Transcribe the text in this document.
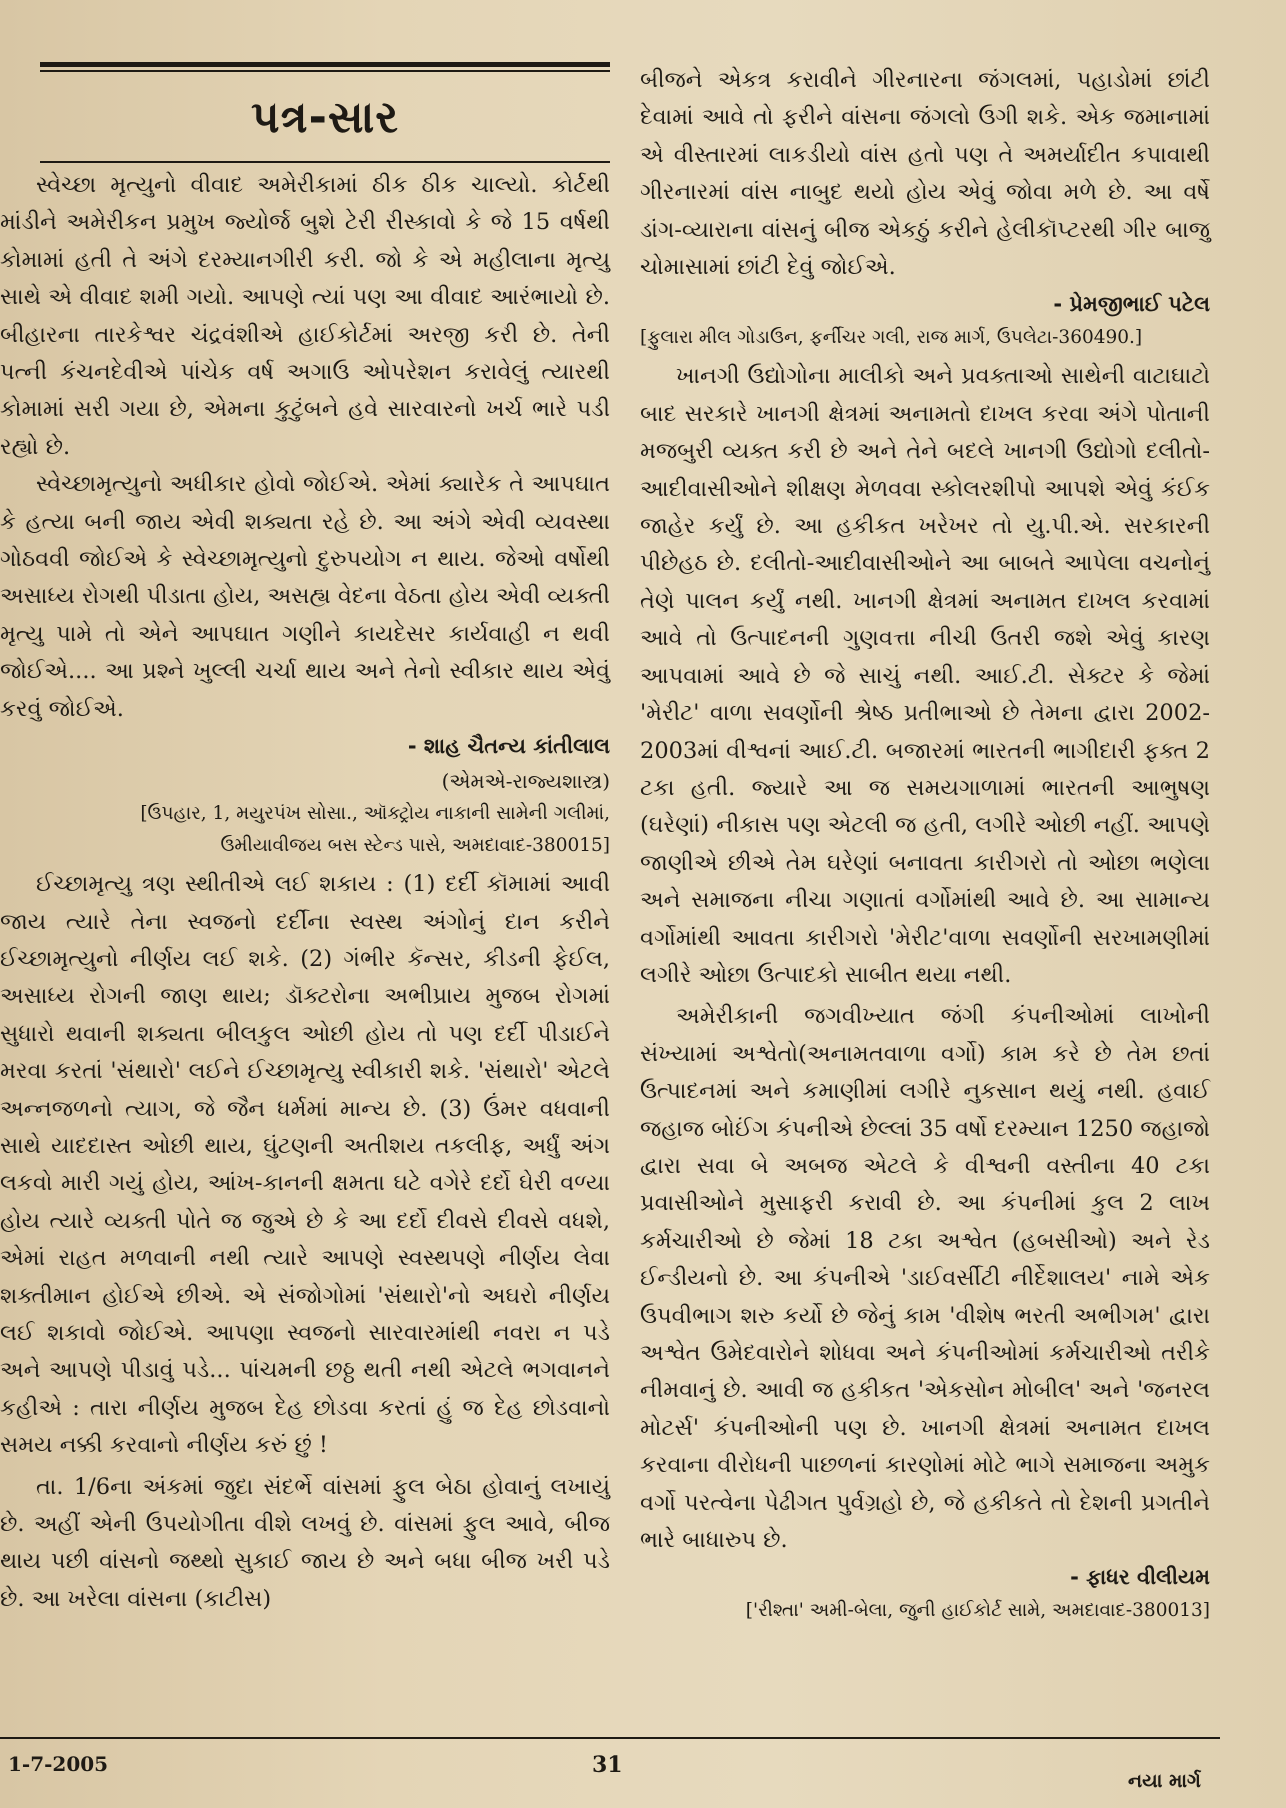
પત્ર-સાર

સ્વેચ્છા મૃત્યુનો વીવાદ અમેરીકામાં ઠીક ઠીક ચાલ્યો. કોર્ટથી માંડીને અમેરીકન પ્રમુખ જ્યોર્જ બુશે ટેરી રીસ્કાવો કે જે 15 વર્ષથી કોમામાં હતી તે અંગે દરમ્યાનગીરી કરી. જો કે એ મહીલાના મૃત્યુ સાથે એ વીવાદ શમી ગયો. આપણે ત્યાં પણ આ વીવાદ આરંભાયો છે. બીહારના તારકેશ્વર ચંદ્રવંશીએ હાઈકોર્ટમાં અરજી કરી છે. તેની પત્ની કંચનદેવીએ પાંચેક વર્ષ અગાઉ ઓપરેશન કરાવેલું ત્યારથી કોમામાં સરી ગયા છે, એમના કુટુંબને હવે સારવારનો ખર્ચ ભારે પડી રહ્યો છે.

સ્વેચ્છામૃત્યુનો અધીકાર હોવો જોઈએ. એમાં ક્યારેક તે આપઘાત કે હત્યા બની જાય એવી શક્યતા રહે છે. આ અંગે એવી વ્યવસ્થા ગોઠવવી જોઈએ કે સ્વેચ્છામૃત્યુનો દુરુપયોગ ન થાય. જેઓ વર્ષોથી અસાધ્ય રોગથી પીડાતા હોય, અસહ્ય વેદના વેઠતા હોય એવી વ્યક્તી મૃત્યુ પામે તો એને આપઘાત ગણીને કાયદેસર કાર્યવાહી ન થવી જોઈએ.... આ પ્રશ્ને ખુલ્લી ચર્ચા થાય અને તેનો સ્વીકાર થાય એવું કરવું જોઈએ.

- શાહ ચૈતન્ય કાંતીલાલ

(એમએ-રાજ્યશાસ્ત્ર)

[ઉપહાર, 1, મયુરપંખ સોસા., ઑક્ટ્રોય નાકાની સામેની ગલીમાં,

ઉમીયાવીજય બસ સ્ટેન્ડ પાસે, અમદાવાદ-380015]

ઈચ્છામૃત્યુ ત્રણ સ્થીતીએ લઈ શકાય : (1) દર્દી કૉમામાં આવી જાય ત્યારે તેના સ્વજનો દર્દીના સ્વસ્થ અંગોનું દાન કરીને ઈચ્છામૃત્યુનો નીર્ણય લઈ શકે. (2) ગંભીર કૅન્સર, કીડની ફેઈલ, અસાધ્ય રોગની જાણ થાય; ડૉક્ટરોના અભીપ્રાય મુજબ રોગમાં સુધારો થવાની શક્યતા બીલકુલ ઓછી હોય તો પણ દર્દી પીડાઈને મરવા કરતાં 'સંથારો' લઈને ઈચ્છામૃત્યુ સ્વીકારી શકે. 'સંથારો' એટલે અન્નજળનો ત્યાગ, જે જૈન ધર્મમાં માન્ય છે. (3) ઉંમર વધવાની સાથે યાદદાસ્ત ઓછી થાય, ઘુંટણની અતીશય તકલીફ, અર્ધું અંગ લકવો મારી ગયું હોય, આંખ-કાનની ક્ષમતા ઘટે વગેરે દર્દો ઘેરી વળ્યા હોય ત્યારે વ્યક્તી પોતે જ જુએ છે કે આ દર્દો દીવસે દીવસે વધશે, એમાં રાહત મળવાની નથી ત્યારે આપણે સ્વસ્થપણે નીર્ણય લેવા શક્તીમાન હોઈએ છીએ. એ સંજોગોમાં 'સંથારો'નો અઘરો નીર્ણય લઈ શકાવો જોઈએ. આપણા સ્વજનો સારવારમાંથી નવરા ન પડે અને આપણે પીડાવું પડે... પાંચમની છઠ્ઠ થતી નથી એટલે ભગવાનને કહીએ : તારા નીર્ણય મુજબ દેહ છોડવા કરતાં હું જ દેહ છોડવાનો સમય નક્કી કરવાનો નીર્ણય કરું છું !

તા. 1/6ના અંકમાં જુદા સંદર્ભે વાંસમાં ફુલ બેઠા હોવાનું લખાયું છે. અહીં એની ઉપયોગીતા વીશે લખવું છે. વાંસમાં ફુલ આવે, બીજ થાય પછી વાંસનો જથ્થો સુકાઈ જાય છે અને બધા બીજ ખરી પડે છે. આ ખરેલા વાંસના (કાટીસ)

બીજને એકત્ર કરાવીને ગીરનારના જંગલમાં, પહાડોમાં છાંટી દેવામાં આવે તો ફરીને વાંસના જંગલો ઉગી શકે. એક જમાનામાં એ વીસ્તારમાં લાકડીયો વાંસ હતો પણ તે અમર્યાદીત કપાવાથી ગીરનારમાં વાંસ નાબુદ થયો હોય એવું જોવા મળે છે. આ વર્ષે ડાંગ-વ્યારાના વાંસનું બીજ એકઠું કરીને હેલીકૉપ્ટરથી ગીર બાજુ ચોમાસામાં છાંટી દેવું જોઈએ.

- પ્રેમજીભાઈ પટેલ

[ફુલારા મીલ ગોડાઉન, ફર્નીચર ગલી, રાજ માર્ગ, ઉપલેટા-360490.]

ખાનગી ઉદ્યોગોના માલીકો અને પ્રવક્તાઓ સાથેની વાટાઘાટો બાદ સરકારે ખાનગી ક્ષેત્રમાં અનામતો દાખલ કરવા અંગે પોતાની મજબુરી વ્યક્ત કરી છે અને તેને બદલે ખાનગી ઉદ્યોગો દલીતો-આદીવાસીઓને શીક્ષણ મેળવવા સ્કોલરશીપો આપશે એવું કંઈક જાહેર કર્યું છે. આ હકીકત ખરેખર તો યુ.પી.એ. સરકારની પીછેહઠ છે. દલીતો-આદીવાસીઓને આ બાબતે આપેલા વચનોનું તેણે પાલન કર્યું નથી. ખાનગી ક્ષેત્રમાં અનામત દાખલ કરવામાં આવે તો ઉત્પાદનની ગુણવત્તા નીચી ઉતરી જશે એવું કારણ આપવામાં આવે છે જે સાચું નથી. આઈ.ટી. સેક્ટર કે જેમાં 'મેરીટ' વાળા સવર્ણોની શ્રેષ્ઠ પ્રતીભાઓ છે તેમના દ્વારા 2002-2003માં વીશ્વનાં આઈ.ટી. બજારમાં ભારતની ભાગીદારી ફક્ત 2 ટકા હતી. જ્યારે આ જ સમયગાળામાં ભારતની આભુષણ (ઘરેણાં) નીકાસ પણ એટલી જ હતી, લગીરે ઓછી નહીં. આપણે જાણીએ છીએ તેમ ઘરેણાં બનાવતા કારીગરો તો ઓછા ભણેલા અને સમાજના નીચા ગણાતાં વર્ગોમાંથી આવે છે. આ સામાન્ય વર્ગોમાંથી આવતા કારીગરો 'મેરીટ'વાળા સવર્ણોની સરખામણીમાં લગીરે ઓછા ઉત્પાદકો સાબીત થયા નથી.

અમેરીકાની જગવીખ્યાત જંગી કંપનીઓમાં લાખોની સંખ્યામાં અશ્વેતો(અનામતવાળા વર્ગો) કામ કરે છે તેમ છતાં ઉત્પાદનમાં અને કમાણીમાં લગીરે નુકસાન થયું નથી. હવાઈ જહાજ બોઈંગ કંપનીએ છેલ્લાં 35 વર્ષો દરમ્યાન 1250 જહાજો દ્વારા સવા બે અબજ એટલે કે વીશ્વની વસ્તીના 40 ટકા પ્રવાસીઓને મુસાફરી કરાવી છે. આ કંપનીમાં કુલ 2 લાખ કર્મચારીઓ છે જેમાં 18 ટકા અશ્વેત (હબસીઓ) અને રેડ ઈન્ડીયનો છે. આ કંપનીએ 'ડાઈવર્સીટી નીર્દેશાલય' નામે એક ઉપવીભાગ શરુ કર્યો છે જેનું કામ 'વીશેષ ભરતી અભીગમ' દ્વારા અશ્વેત ઉમેદવારોને શોધવા અને કંપનીઓમાં કર્મચારીઓ તરીકે નીમવાનું છે. આવી જ હકીકત 'એકસોન મોબીલ' અને 'જનરલ મોટર્સ' કંપનીઓની પણ છે. ખાનગી ક્ષેત્રમાં અનામત દાખલ કરવાના વીરોધની પાછળનાં કારણોમાં મોટે ભાગે સમાજના અમુક વર્ગો પરત્વેના પેઢીગત પુર્વગ્રહો છે, જે હકીકતે તો દેશની પ્રગતીને ભારે બાધારુપ છે.

- ફાધર વીલીયમ

['રીશ્તા' અમી-બેલા, જુની હાઈકોર્ટ સામે, અમદાવાદ-380013]

1-7-2005	31
નયા માર્ગ
